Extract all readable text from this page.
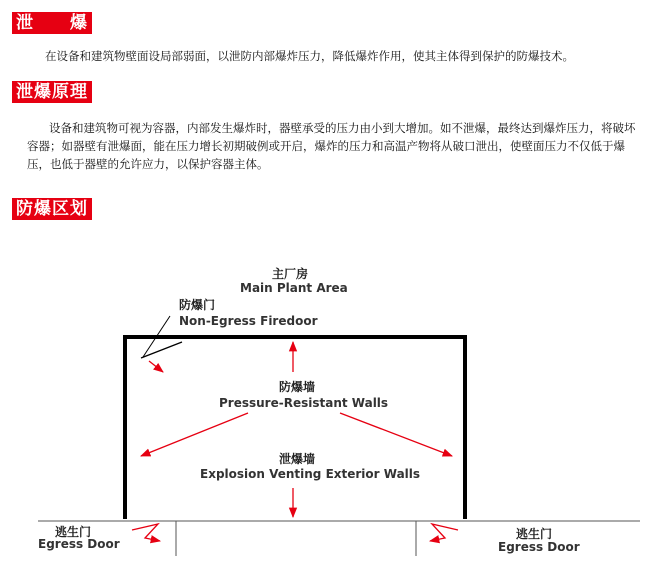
泄　　爆
在设备和建筑物壁面设局部弱面，以泄防内部爆炸压力，降低爆炸作用，使其主体得到保护的防爆技术。
泄爆原理
设备和建筑物可视为容器，内部发生爆炸时，器壁承受的压力由小到大增加。如不泄爆，最终达到爆炸压力，将破坏容器；如器壁有泄爆面，能在压力增长初期破例或开启，爆炸的压力和高温产物将从破口泄出，使壁面压力不仅低于爆压，也低于器壁的允许应力，以保护容器主体。
防爆区划
主厂房
Main Plant Area
防爆门
Non-Egress Firedoor
防爆墙
Pressure-Resistant Walls
泄爆墙
Explosion Venting Exterior Walls
逃生门
Egress Door
逃生门
Egress Door
